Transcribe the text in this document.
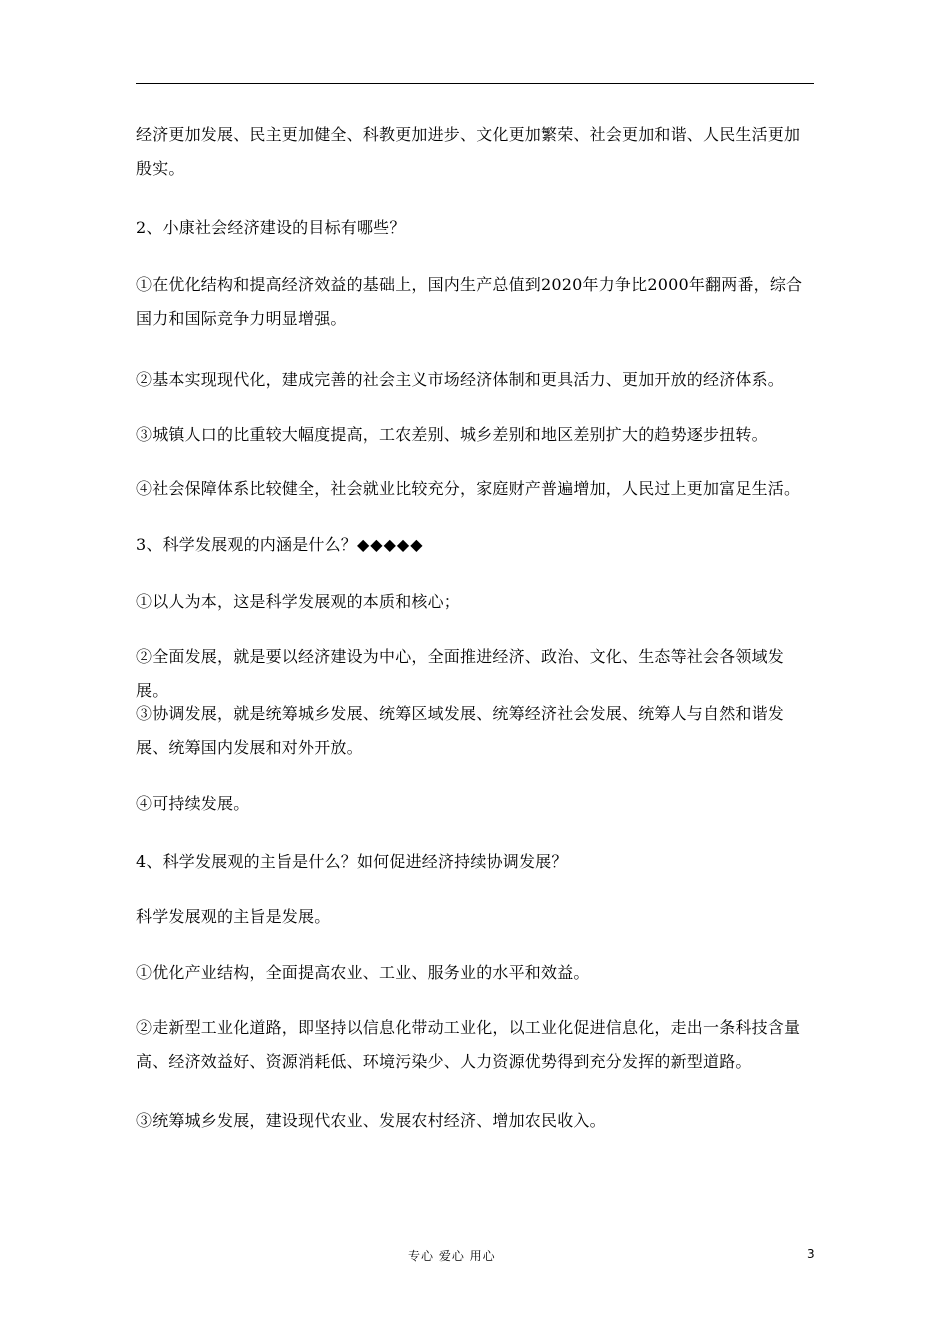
经济更加发展、民主更加健全、科教更加进步、文化更加繁荣、社会更加和谐、人民生活更加殷实。
2、小康社会经济建设的目标有哪些？
①在优化结构和提高经济效益的基础上，国内生产总值到2020年力争比2000年翻两番，综合国力和国际竞争力明显增强。
②基本实现现代化，建成完善的社会主义市场经济体制和更具活力、更加开放的经济体系。
③城镇人口的比重较大幅度提高，工农差别、城乡差别和地区差别扩大的趋势逐步扭转。
④社会保障体系比较健全，社会就业比较充分，家庭财产普遍增加，人民过上更加富足生活。
3、科学发展观的内涵是什么？◆◆◆◆◆
①以人为本，这是科学发展观的本质和核心；
②全面发展，就是要以经济建设为中心，全面推进经济、政治、文化、生态等社会各领域发展。
③协调发展，就是统筹城乡发展、统筹区域发展、统筹经济社会发展、统筹人与自然和谐发展、统筹国内发展和对外开放。
④可持续发展。
4、科学发展观的主旨是什么？如何促进经济持续协调发展？
科学发展观的主旨是发展。
①优化产业结构，全面提高农业、工业、服务业的水平和效益。
②走新型工业化道路，即坚持以信息化带动工业化，以工业化促进信息化，走出一条科技含量高、经济效益好、资源消耗低、环境污染少、人力资源优势得到充分发挥的新型道路。
③统筹城乡发展，建设现代农业、发展农村经济、增加农民收入。
专心 爱心 用心	3
